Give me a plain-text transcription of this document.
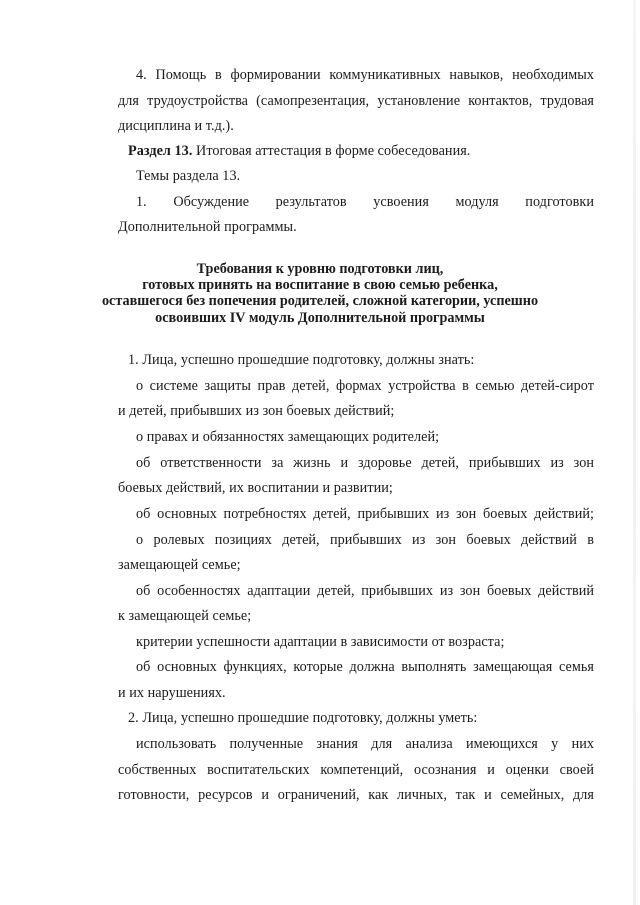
4. Помощь в формировании коммуникативных навыков, необходимых
для трудоустройства (самопрезентация, установление контактов, трудовая
дисциплина и т.д.).
Раздел 13. Итоговая аттестация в форме собеседования.
Темы раздела 13.
1. Обсуждение результатов усвоения модуля подготовки
Дополнительной программы.
Требования к уровню подготовки лиц,
готовых принять на воспитание в свою семью ребенка,
оставшегося без попечения родителей, сложной категории, успешно
освоивших IV модуль Дополнительной программы
1. Лица, успешно прошедшие подготовку, должны знать:
о системе защиты прав детей, формах устройства в семью детей-сирот
и детей, прибывших из зон боевых действий;
о правах и обязанностях замещающих родителей;
об ответственности за жизнь и здоровье детей, прибывших из зон
боевых действий, их воспитании и развитии;
об основных потребностях детей, прибывших из зон боевых действий;
о ролевых позициях детей, прибывших из зон боевых действий в
замещающей семье;
об особенностях адаптации детей, прибывших из зон боевых действий
к замещающей семье;
критерии успешности адаптации в зависимости от возраста;
об основных функциях, которые должна выполнять замещающая семья
и их нарушениях.
2. Лица, успешно прошедшие подготовку, должны уметь:
использовать полученные знания для анализа имеющихся у них
собственных воспитательских компетенций, осознания и оценки своей
готовности, ресурсов и ограничений, как личных, так и семейных, для
